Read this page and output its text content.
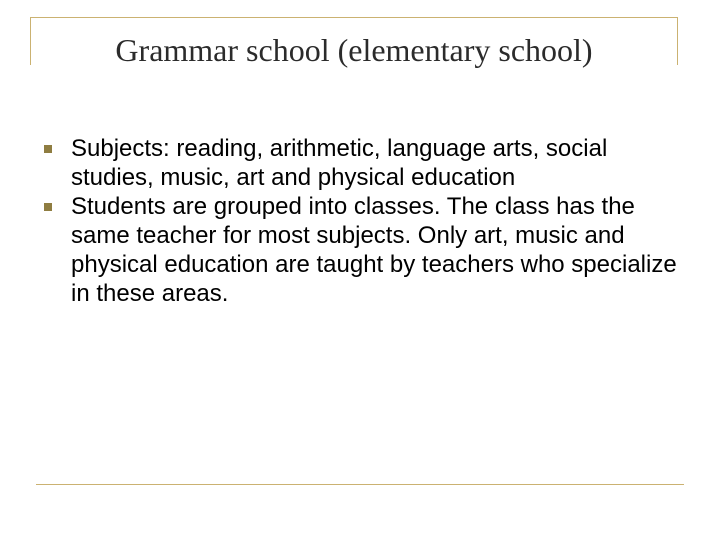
Grammar school (elementary school)
Subjects: reading, arithmetic, language arts, social studies, music, art and physical education
Students are grouped into classes. The class has the same teacher for most subjects. Only art, music and physical education are taught by teachers who specialize in these areas.
